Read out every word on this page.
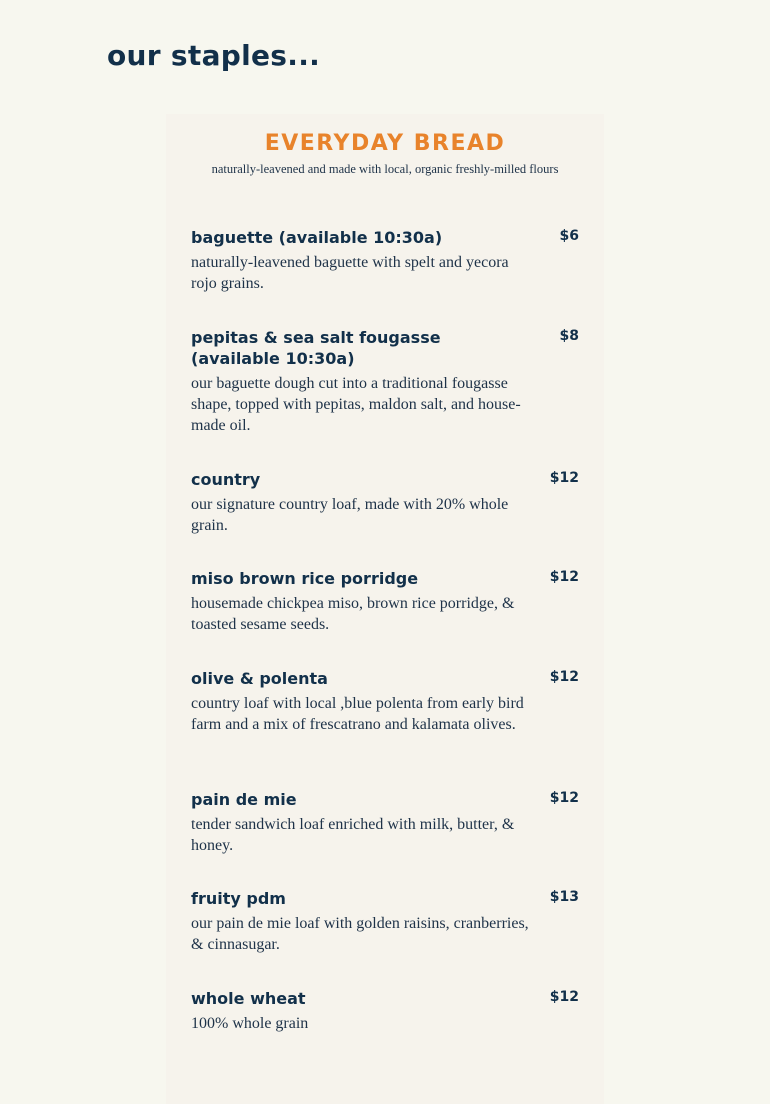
our staples...
EVERYDAY BREAD
naturally-leavened and made with local, organic freshly-milled flours
baguette (available 10:30a)
naturally-leavened baguette with spelt and yecora rojo grains.
$6
pepitas & sea salt fougasse (available 10:30a)
our baguette dough cut into a traditional fougasse shape, topped with pepitas, maldon salt, and house-made oil.
$8
country
our signature country loaf, made with 20% whole grain.
$12
miso brown rice porridge
housemade chickpea miso, brown rice porridge, & toasted sesame seeds.
$12
olive & polenta
country loaf with local ,blue polenta from early bird farm and a mix of frescatrano and kalamata olives.
$12
pain de mie
tender sandwich loaf enriched with milk, butter, & honey.
$12
fruity pdm
our pain de mie loaf with golden raisins, cranberries, & cinnasugar.
$13
whole wheat
100% whole grain
$12
